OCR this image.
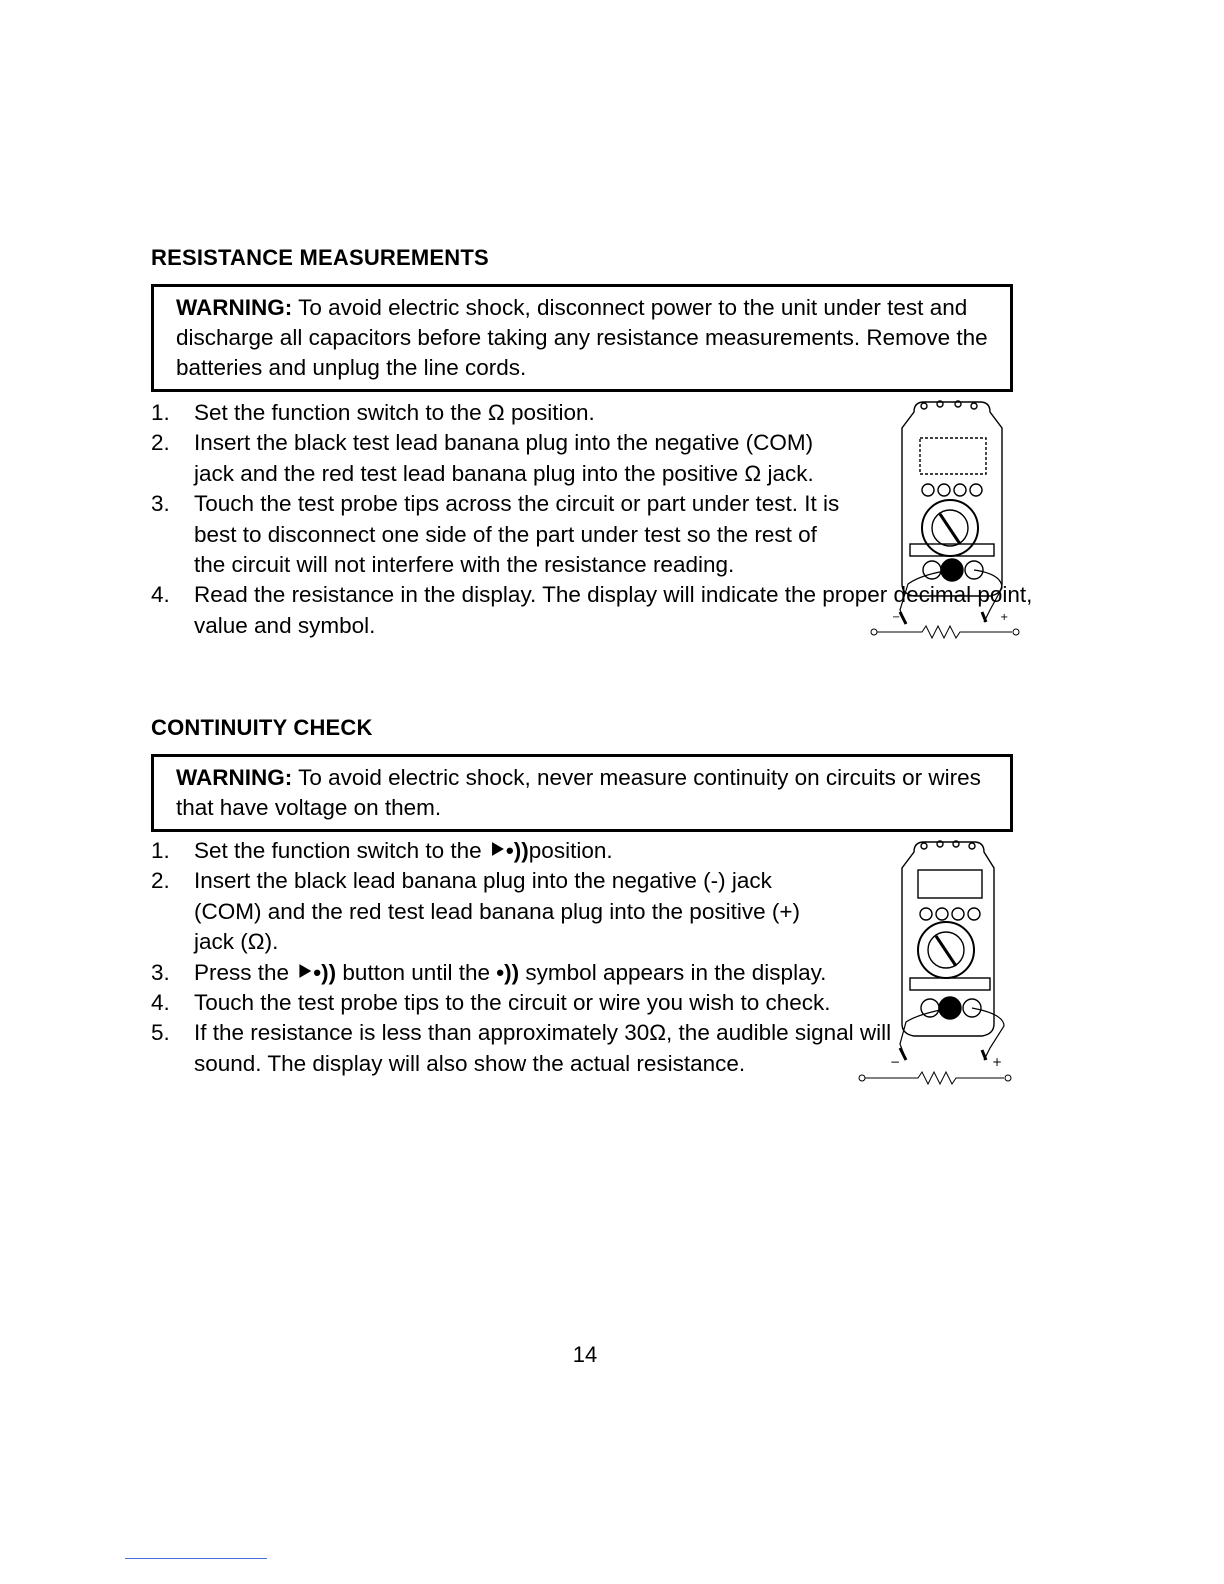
RESISTANCE MEASUREMENTS
WARNING: To avoid electric shock, disconnect power to the unit under test and discharge all capacitors before taking any resistance measurements. Remove the batteries and unplug the line cords.
1. Set the function switch to the Ω position.
2. Insert the black test lead banana plug into the negative (COM) jack and the red test lead banana plug into the positive Ω jack.
3. Touch the test probe tips across the circuit or part under test. It is best to disconnect one side of the part under test so the rest of the circuit will not interfere with the resistance reading.
4. Read the resistance in the display. The display will indicate the proper decimal point, value and symbol.	−	+
CONTINUITY CHECK
WARNING: To avoid electric shock, never measure continuity on circuits or wires that have voltage on them.
1. Set the function switch to the ⯈•))position.
2. Insert the black lead banana plug into the negative (-) jack (COM) and the red test lead banana plug into the positive (+) jack (Ω).
3. Press the ⯈•)) button until the •)) symbol appears in the display.
4. Touch the test probe tips to the circuit or wire you wish to check.
5. If the resistance is less than approximately 30Ω, the audible signal will sound. The display will also show the actual resistance.	−	+
14
